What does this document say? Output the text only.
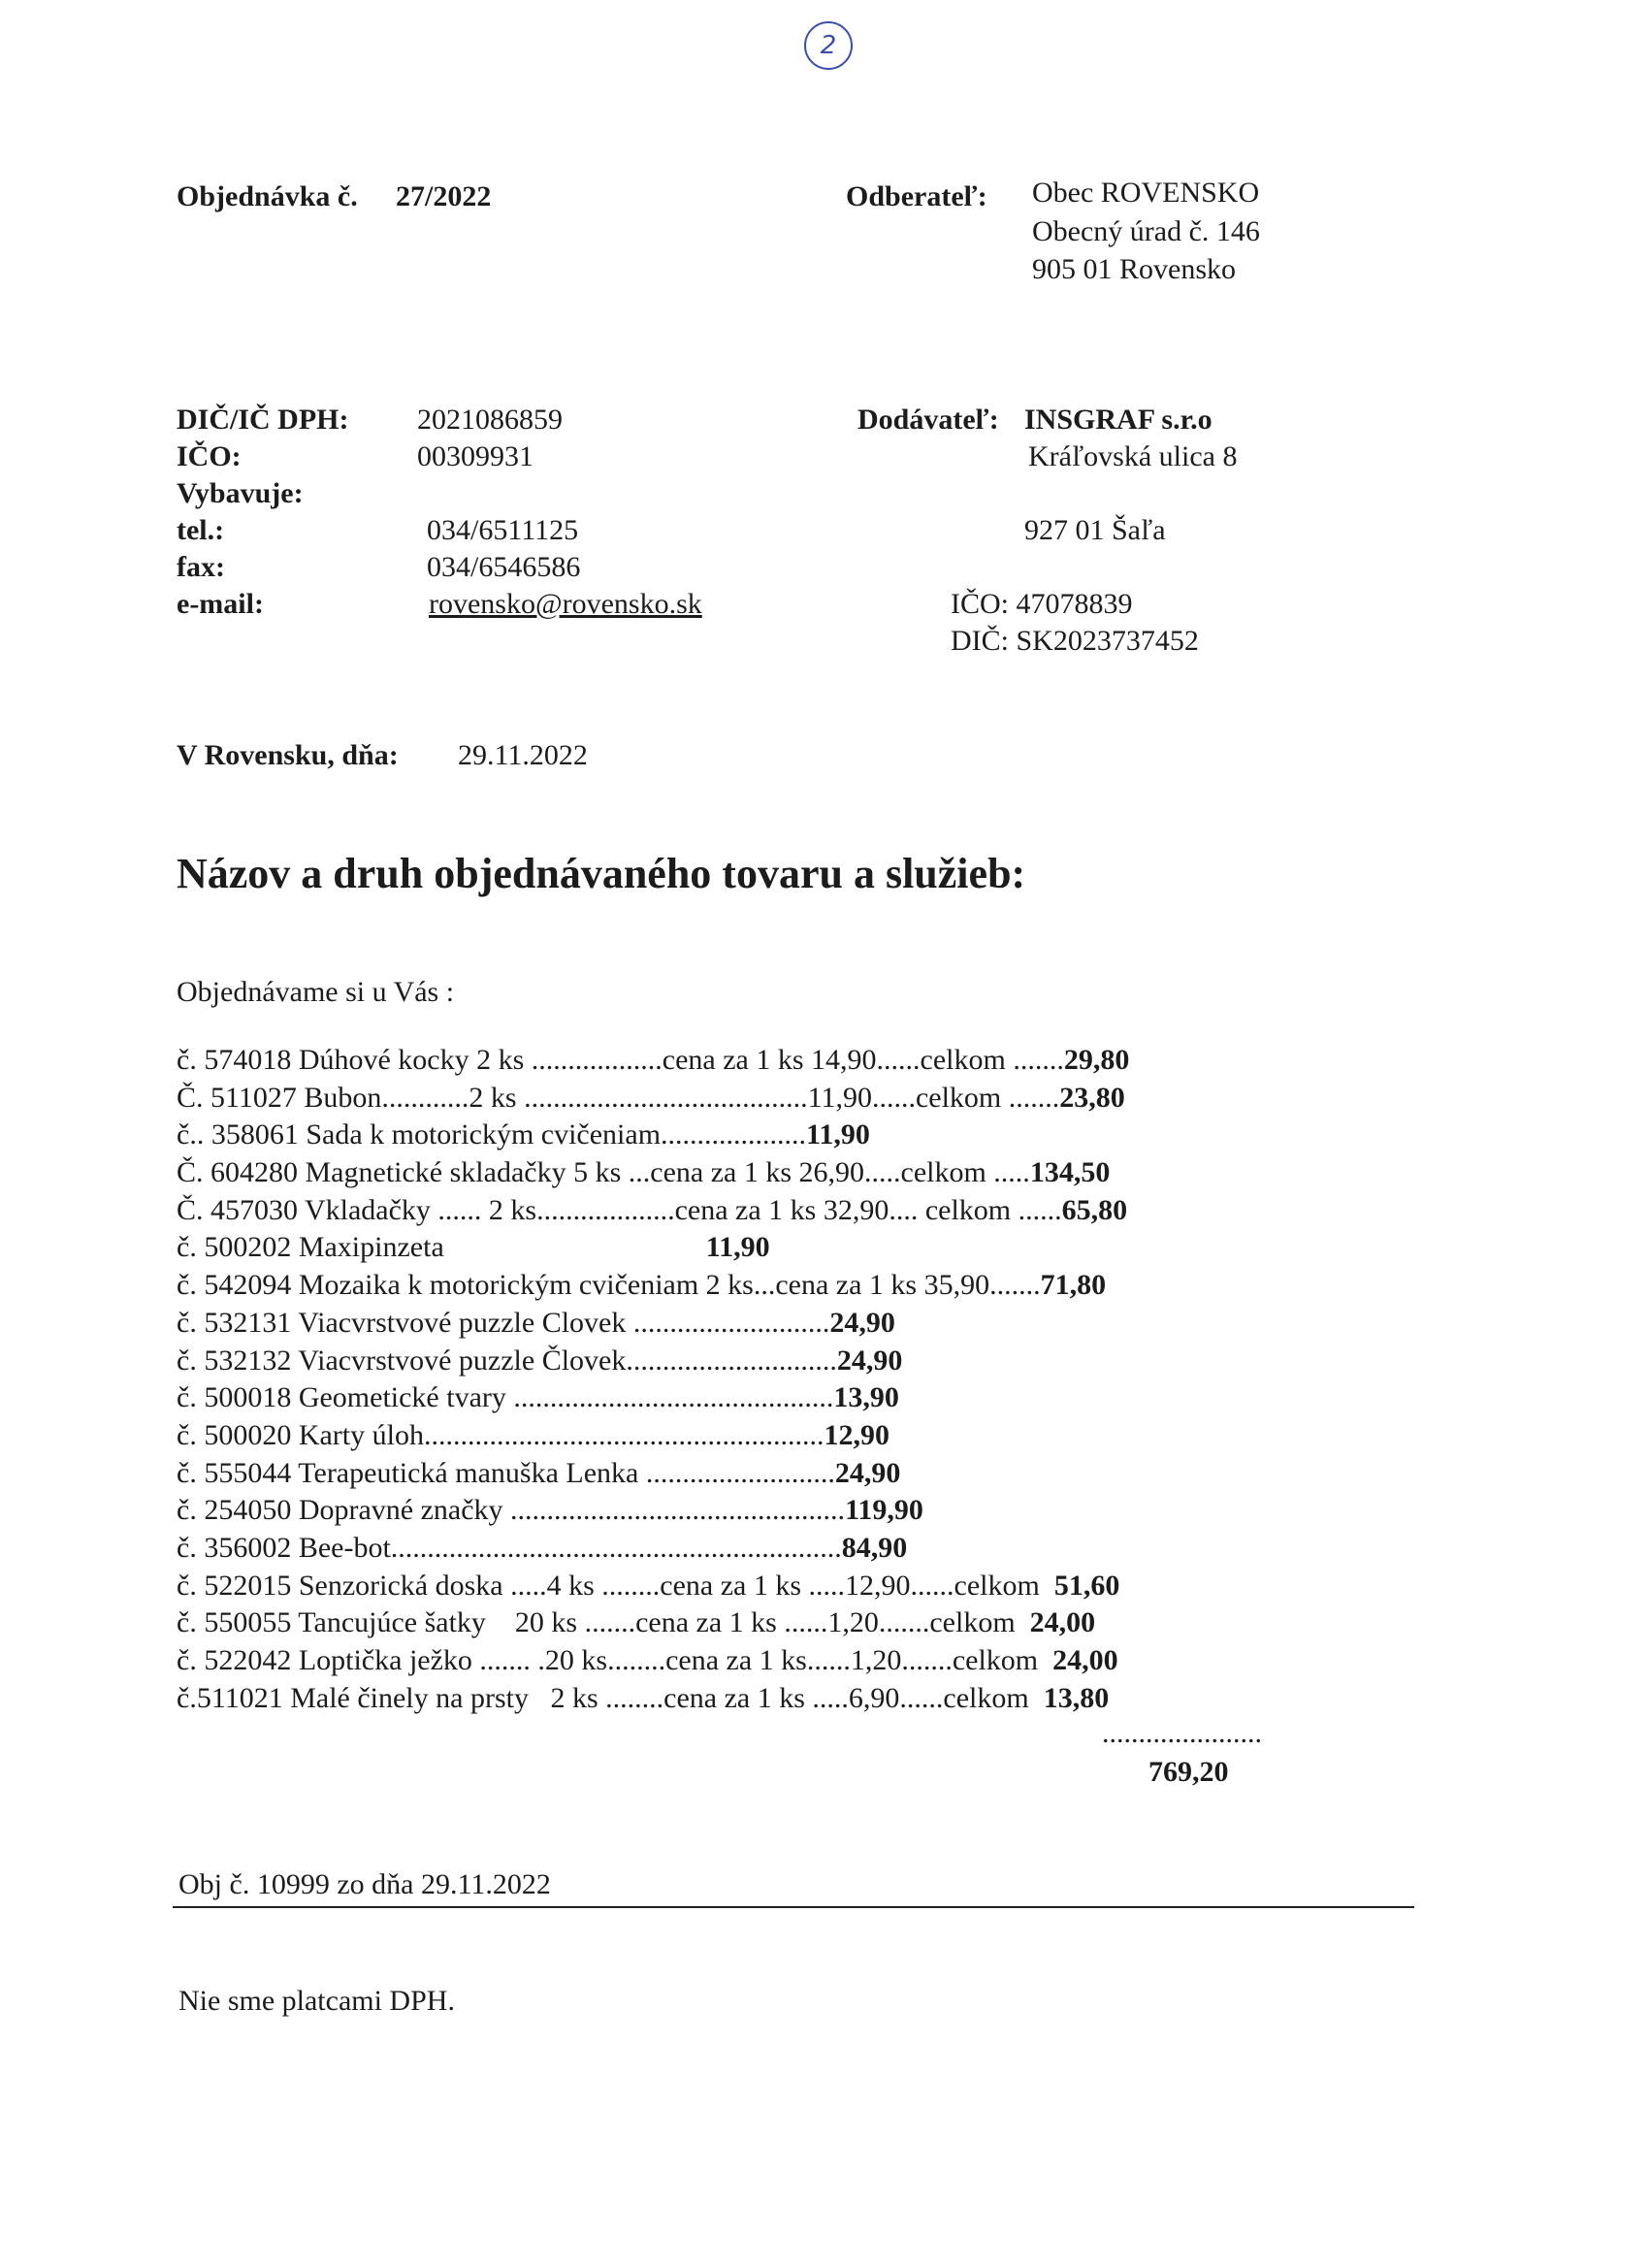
2
Objednávka č. 27/2022	Odberateľ: Obec ROVENSKO
Obecný úrad č. 146
905 01 Rovensko
DIČ/IČ DPH: 2021086859
IČO:	00309931
Vybavuje:
tel.:	034/6511125
fax:	034/6546586
e-mail:	rovensko@rovensko.sk
Dodávateľ: INSGRAF s.r.o
Kráľovská ulica 8
927 01 Šaľa
IČO: 47078839
DIČ: SK2023737452
V Rovensku, dňa: 29.11.2022
Názov a druh objednávaného tovaru a služieb:
Objednávame si u Vás :
č. 574018 Dúhové kocky 2 ks ..................cena za 1 ks 14,90......celkom .......29,80
Č. 511027 Bubon............2 ks .......................................11,90......celkom .......23,80
č.. 358061 Sada k motorickým cvičeniam....................11,90
Č. 604280 Magnetické skladačky 5 ks ...cena za 1 ks 26,90.....celkom .....134,50
Č. 457030 Vkladačky ...... 2 ks...................cena za 1 ks 32,90.... celkom ......65,80
č. 500202 Maxipinzeta                                    11,90
č. 542094 Mozaika k motorickým cvičeniam 2 ks...cena za 1 ks 35,90.......71,80
č. 532131 Viacvrstvové puzzle Clovek ...........................24,90
č. 532132 Viacvrstvové puzzle Človek.............................24,90
č. 500018 Geometické tvary ............................................13,90
č. 500020 Karty úloh.......................................................12,90
č. 555044 Terapeutická manuška Lenka ..........................24,90
č. 254050 Dopravné značky ..............................................119,90
č. 356002 Bee-bot..............................................................84,90
č. 522015 Senzorická doska .....4 ks ........cena za 1 ks .....12,90......celkom  51,60
č. 550055 Tancujúce šatky    20 ks .......cena za 1 ks ......1,20.......celkom  24,00
č. 522042 Loptička ježko ....... .20 ks........cena za 1 ks......1,20.......celkom  24,00
č.511021 Malé činely na prsty   2 ks ........cena za 1 ks .....6,90......celkom  13,80
......................
769,20
Obj č. 10999 zo dňa 29.11.2022
Nie sme platcami DPH.
